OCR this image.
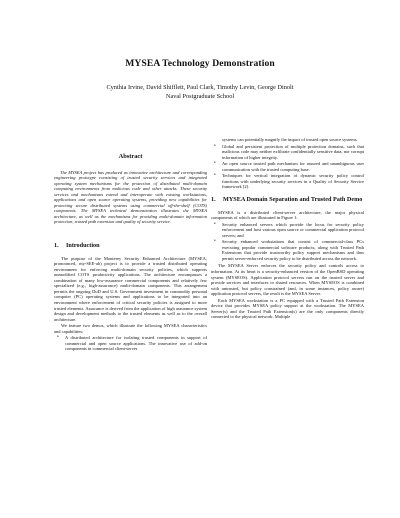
MYSEA Technology Demonstration
Cynthia Irvine, David Shifflett, Paul Clark, Timothy Levin, George Dinolt
Naval Postgraduate School
Abstract

The MYSEA project has produced as innovative architecture and corresponding engineering prototype consisting of trusted security services and integrated operating system mechanisms for the protection of distributed multi-domain computing environments from malicious code and other attacks. These security services and mechanisms extend and interoperate with existing workstations, applications and open source operating systems, providing new capabilities for protecting secure distributed systems using commercial off-the-shelf (COTS) components. The MYSEA technical demonstration illustrates the MYSEA architecture, as well as the mechanisms for providing multi-domain information protection, trusted path extension and quality of security service.

1. Introduction

The purpose of the Monterey Security Enhanced Architecture (MYSEA, pronounced, my-SEE-ah) project is to provide a trusted distributed operating environment for enforcing multi-domain security policies, which supports unmodified COTS productivity applications. The architecture encompasses a combination of many low-assurance commercial components and relatively few specialized (e.g., high-assurance) multi-domain components. This arrangement permits the ongoing DoD and U.S. Government investment in commodity personal computer (PC) operating systems and applications to be integrated into an environment where enforcement of critical security policies is assigned to more trusted elements. Assurance is derived from the application of high assurance system design and development methods to the trusted elements as well as to the overall architecture.

We feature two demos, which illustrate the following MYSEA characteristics and capabilities:

• A distributed architecture for isolating trusted components in support of commercial and open source applications. The innovative use of add-on components in commercial client-server

systems can potentially magnify the impact of trusted open source systems.

• Global and persistent protection of multiple protection domains, such that malicious code may neither exfiltrate confidentially sensitive data, nor corrupt information of higher integrity.
• An open source trusted path mechanism for assured and unambiguous user communication with the trusted computing base.
• Techniques for vertical integration of dynamic security policy control functions with underlying security services in a Quality of Security Service framework [2].
1. MYSEA Domain Separation and Trusted Path Demo

MYSEA is a distributed client-server architecture, the major physical components of which are illustrated in Figure 1:

• Security enhanced servers which provide the locus for security policy enforcement and host various open source or commercial application protocol servers; and
• Security enhanced workstations that consist of commercial-class PCs executing popular commercial software products, along with Trusted Path Extensions that provide trustworthy policy support mechanisms and thus permit server-enforced security policy to be distributed across the network.

The MYSEA Server enforces the security policy and controls access to information. At its heart is a security-enhanced version of the OpenBSD operating system (MYSEOS). Application protocol servers run on the trusted server and provide services and interfaces to shared resources. When MYSEOS is combined with untrusted, but policy constrained (and, in some instances, policy aware) application protocol servers, the result is the MYSEA Server.

Each MYSEA workstation is a PC equipped with a Trusted Path Extension device that provides MYSEA policy support at the workstation. The MYSEA Server(s) and the Trusted Path Extension(s) are the only components directly connected to the physical network. Multiple
